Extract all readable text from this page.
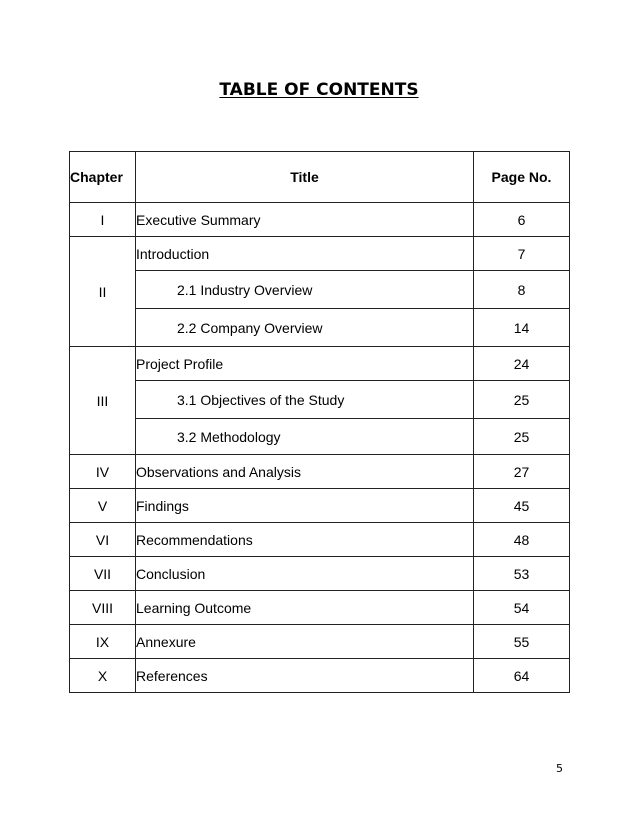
TABLE OF CONTENTS
Chapter	Title	Page No.
I	Executive Summary	6
II	Introduction	7
	2.1 Industry Overview	8
	2.2 Company Overview	14
III	Project Profile	24
	3.1 Objectives of the Study	25
	3.2 Methodology	25
IV	Observations and Analysis	27
V	Findings	45
VI	Recommendations	48
VII	Conclusion	53
VIII	Learning Outcome	54
IX	Annexure	55
X	References	64
5
